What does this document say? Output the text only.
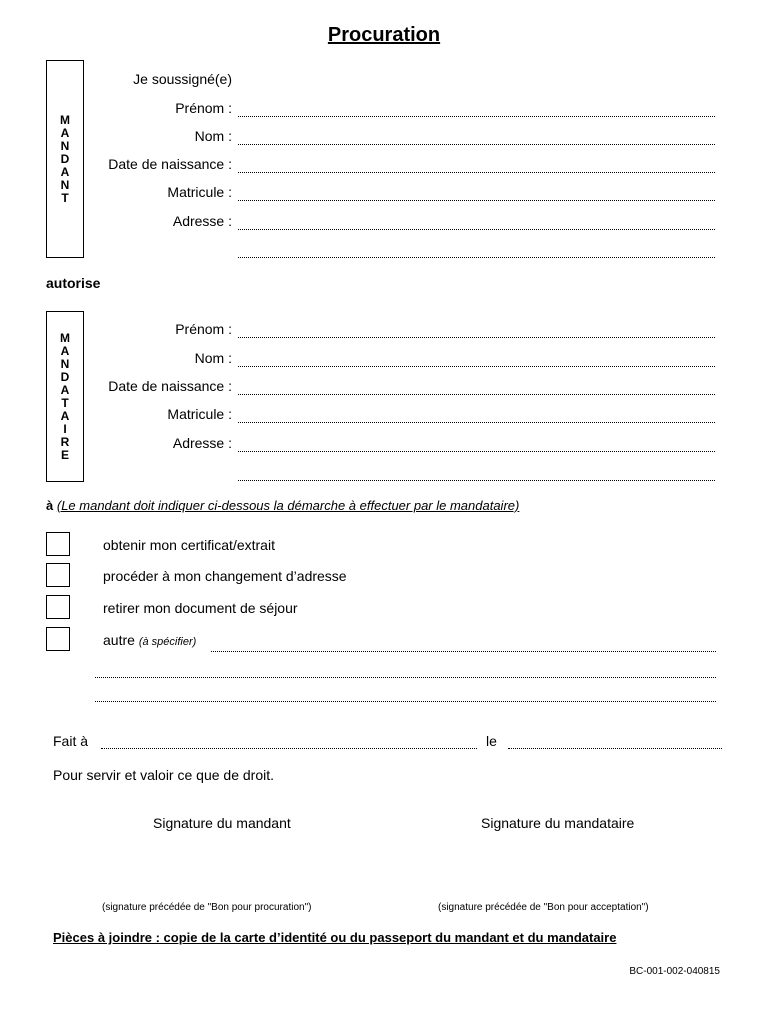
Procuration
M
A
N
D
A
N
T
Je soussigné(e)
Prénom :
Nom :
Date de naissance :
Matricule :
Adresse :
autorise
M
A
N
D
A
T
A
I
R
E
Prénom :
Nom :
Date de naissance :
Matricule :
Adresse :
à (Le mandant doit indiquer ci-dessous la démarche à effectuer par le mandataire)
obtenir mon certificat/extrait
procéder à mon changement d’adresse
retirer mon document de séjour
autre (à spécifier)
Fait à	le
Pour servir et valoir ce que de droit.
Signature du mandant	Signature du mandataire
(signature précédée de "Bon pour procuration")	(signature précédée de "Bon pour acceptation")
Pièces à joindre : copie de la carte d’identité ou du passeport du mandant et du mandataire
BC-001-002-040815
